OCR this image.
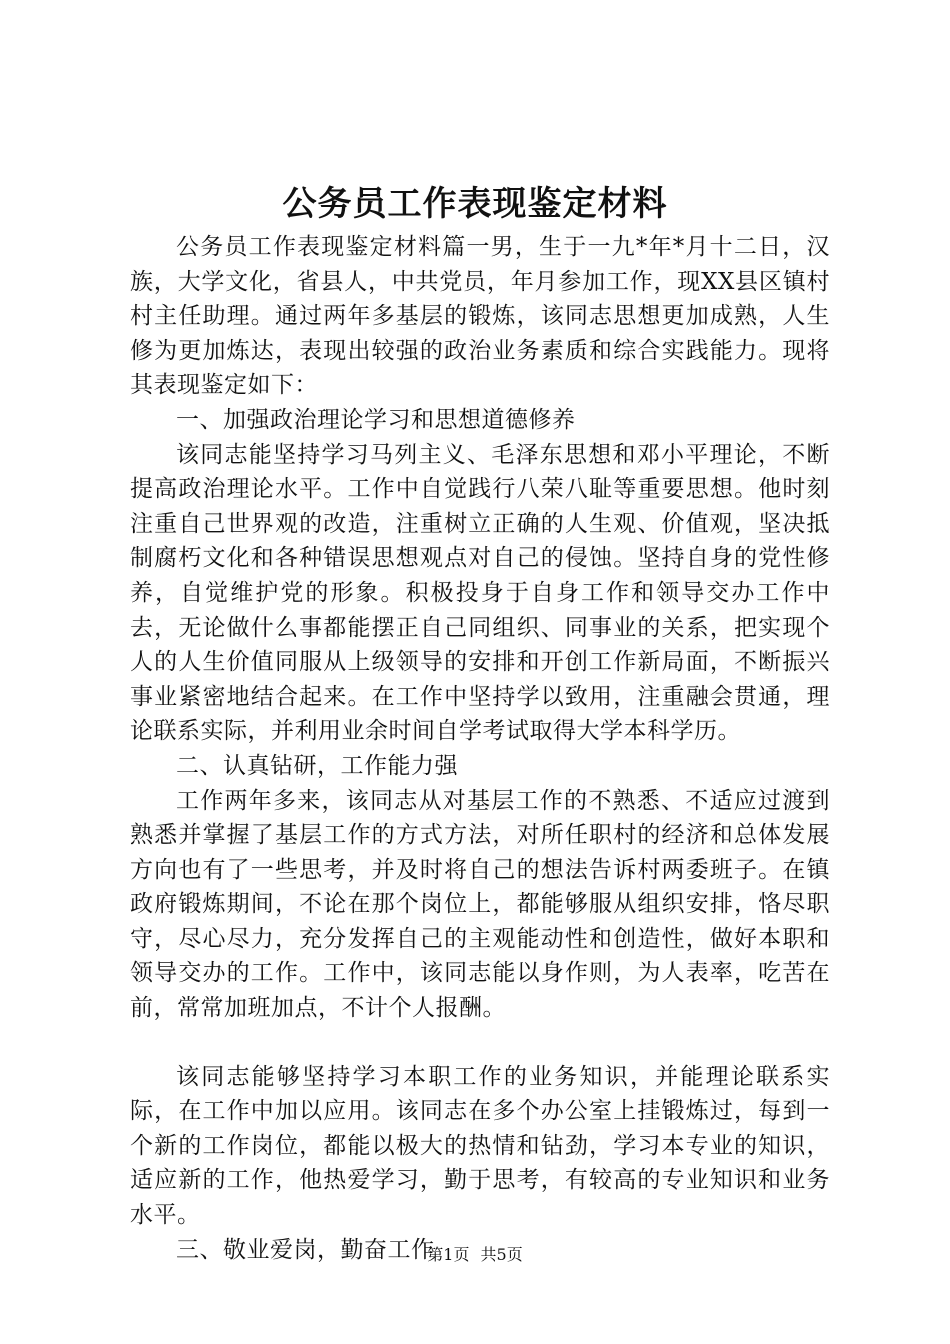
公务员工作表现鉴定材料

公务员工作表现鉴定材料篇一男，生于一九*年*月十二日，汉族，大学文化，省县人，中共党员，年月参加工作，现XX县区镇村村主任助理。通过两年多基层的锻炼，该同志思想更加成熟，人生修为更加炼达，表现出较强的政治业务素质和综合实践能力。现将其表现鉴定如下：

一、加强政治理论学习和思想道德修养

该同志能坚持学习马列主义、毛泽东思想和邓小平理论，不断提高政治理论水平。工作中自觉践行八荣八耻等重要思想。他时刻注重自己世界观的改造，注重树立正确的人生观、价值观，坚决抵制腐朽文化和各种错误思想观点对自己的侵蚀。坚持自身的党性修养，自觉维护党的形象。积极投身于自身工作和领导交办工作中去，无论做什么事都能摆正自己同组织、同事业的关系，把实现个人的人生价值同服从上级领导的安排和开创工作新局面，不断振兴事业紧密地结合起来。在工作中坚持学以致用，注重融会贯通，理论联系实际，并利用业余时间自学考试取得大学本科学历。

二、认真钻研，工作能力强

工作两年多来，该同志从对基层工作的不熟悉、不适应过渡到熟悉并掌握了基层工作的方式方法，对所任职村的经济和总体发展方向也有了一些思考，并及时将自己的想法告诉村两委班子。在镇政府锻炼期间，不论在那个岗位上，都能够服从组织安排，恪尽职守，尽心尽力，充分发挥自己的主观能动性和创造性，做好本职和领导交办的工作。工作中，该同志能以身作则，为人表率，吃苦在前，常常加班加点，不计个人报酬。

该同志能够坚持学习本职工作的业务知识，并能理论联系实际，在工作中加以应用。该同志在多个办公室上挂锻炼过，每到一个新的工作岗位，都能以极大的热情和钻劲，学习本专业的知识，适应新的工作，他热爱学习，勤于思考，有较高的专业知识和业务水平。

三、敬业爱岗，勤奋工作

第1页 共5页
